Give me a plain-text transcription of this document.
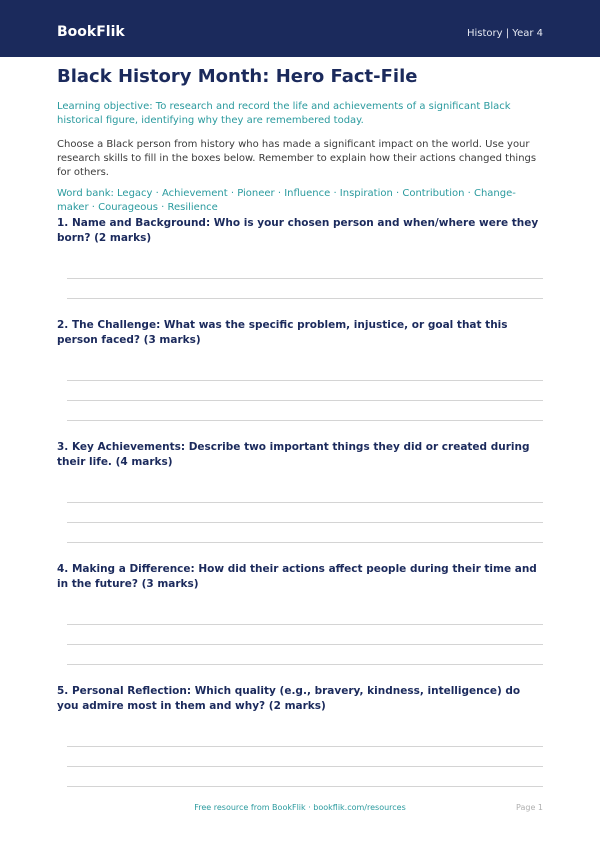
BookFlik	History | Year 4
Black History Month: Hero Fact-File
Learning objective: To research and record the life and achievements of a significant Black historical figure, identifying why they are remembered today.
Choose a Black person from history who has made a significant impact on the world. Use your research skills to fill in the boxes below. Remember to explain how their actions changed things for others.
Word bank: Legacy · Achievement · Pioneer · Influence · Inspiration · Contribution · Change-maker · Courageous · Resilience
1. Name and Background: Who is your chosen person and when/where were they born? (2 marks)
2. The Challenge: What was the specific problem, injustice, or goal that this person faced? (3 marks)
3. Key Achievements: Describe two important things they did or created during their life. (4 marks)
4. Making a Difference: How did their actions affect people during their time and in the future? (3 marks)
5. Personal Reflection: Which quality (e.g., bravery, kindness, intelligence) do you admire most in them and why? (2 marks)
Free resource from BookFlik · bookflik.com/resources	Page 1
